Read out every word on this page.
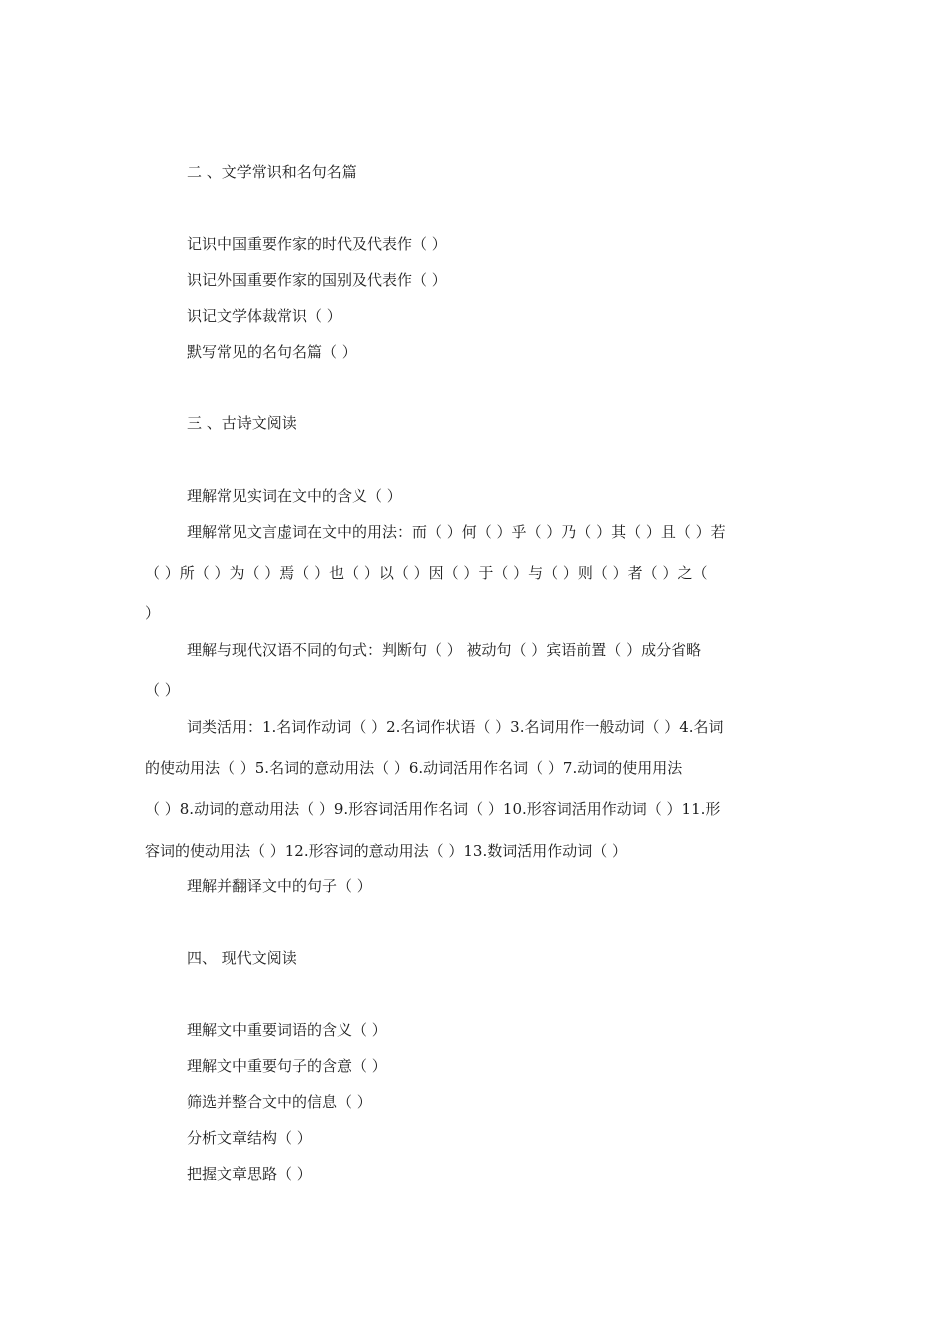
二 、文学常识和名句名篇

记识中国重要作家的时代及代表作（ ）

识记外国重要作家的国别及代表作（ ）

识记文学体裁常识（ ）

默写常见的名句名篇（ ）

三 、古诗文阅读

理解常见实词在文中的含义（ ）

理解常见文言虚词在文中的用法：而（ ）何（ ）乎（ ）乃（ ）其（ ）且（ ）若

（ ）所（ ）为（ ）焉（ ）也（ ）以（ ）因（ ）于（ ）与（ ）则（ ）者（ ）之（

）

理解与现代汉语不同的句式：判断句（ ） 被动句（ ）宾语前置（ ）成分省略

（ ）

词类活用：1.名词作动词（ ）2.名词作状语（ ）3.名词用作一般动词（ ）4.名词

的使动用法（ ）5.名词的意动用法（ ）6.动词活用作名词（ ）7.动词的使用用法

（ ）8.动词的意动用法（ ）9.形容词活用作名词（ ）10.形容词活用作动词（ ）11.形

容词的使动用法（ ）12.形容词的意动用法（ ）13.数词活用作动词（ ）

理解并翻译文中的句子（ ）

四、 现代文阅读

理解文中重要词语的含义（ ）

理解文中重要句子的含意（ ）

筛选并整合文中的信息（ ）

分析文章结构（ ）

把握文章思路（ ）
